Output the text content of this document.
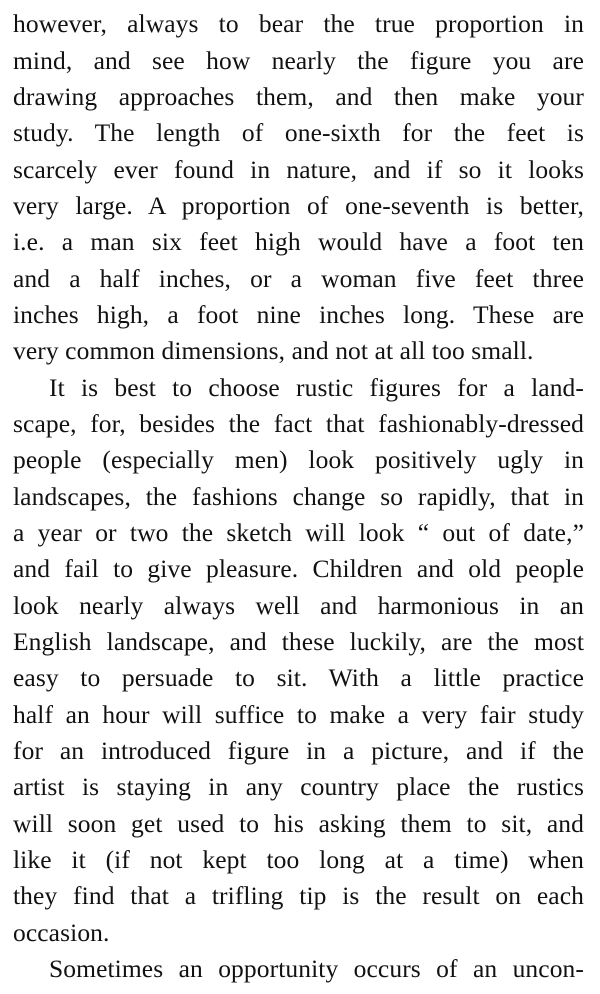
however, always to bear the true proportion in
mind, and see how nearly the figure you are
drawing approaches them, and then make your
study. The length of one-sixth for the feet is
scarcely ever found in nature, and if so it looks
very large. A proportion of one-seventh is better,
i.e. a man six feet high would have a foot ten
and a half inches, or a woman five feet three
inches high, a foot nine inches long. These are
very common dimensions, and not at all too small.
It is best to choose rustic figures for a land-
scape, for, besides the fact that fashionably-dressed
people (especially men) look positively ugly in
landscapes, the fashions change so rapidly, that in
a year or two the sketch will look “ out of date,”
and fail to give pleasure. Children and old people
look nearly always well and harmonious in an
English landscape, and these luckily, are the most
easy to persuade to sit. With a little practice
half an hour will suffice to make a very fair study
for an introduced figure in a picture, and if the
artist is staying in any country place the rustics
will soon get used to his asking them to sit, and
like it (if not kept too long at a time) when
they find that a trifling tip is the result on each
occasion.
Sometimes an opportunity occurs of an uncon-
